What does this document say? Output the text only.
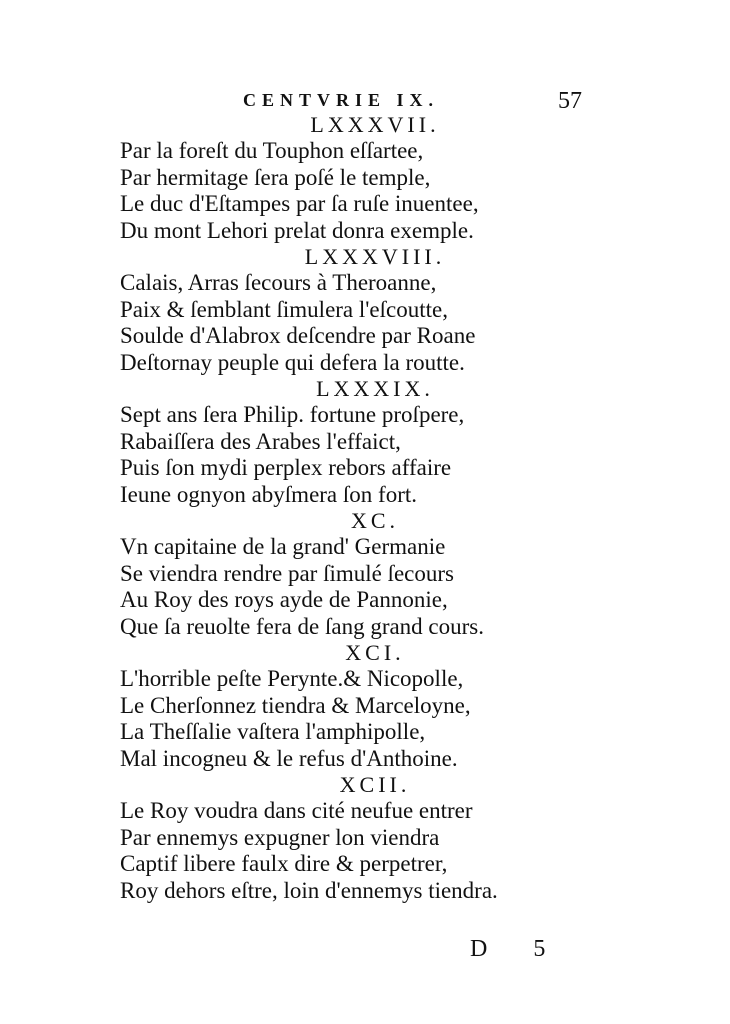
CENTVRIE IX.	57
LXXXVII.
Par la foreſt du Touphon eſſartee,
Par hermitage ſera poſé le temple,
Le duc d'Eſtampes par ſa ruſe inuentee,
Du mont Lehori prelat donra exemple.
LXXXVIII.
Calais, Arras ſecours à Theroanne,
Paix & ſemblant ſimulera l'eſcoutte,
Soulde d'Alabrox deſcendre par Roane
Deſtornay peuple qui defera la routte.
LXXXIX.
Sept ans ſera Philip. fortune proſpere,
Rabaiſſera des Arabes l'effaict,
Puis ſon mydi perplex rebors affaire
Ieune ognyon abyſmera ſon fort.
XC.
Vn capitaine de la grand' Germanie
Se viendra rendre par ſimulé ſecours
Au Roy des roys ayde de Pannonie,
Que ſa reuolte fera de ſang grand cours.
XCI.
L'horrible peſte Perynte.& Nicopolle,
Le Cherſonnez tiendra & Marceloyne,
La Theſſalie vaſtera l'amphipolle,
Mal incogneu & le refus d'Anthoine.
XCII.
Le Roy voudra dans cité neufue entrer
Par ennemys expugner lon viendra
Captif libere faulx dire & perpetrer,
Roy dehors eſtre, loin d'ennemys tiendra.
D 5
